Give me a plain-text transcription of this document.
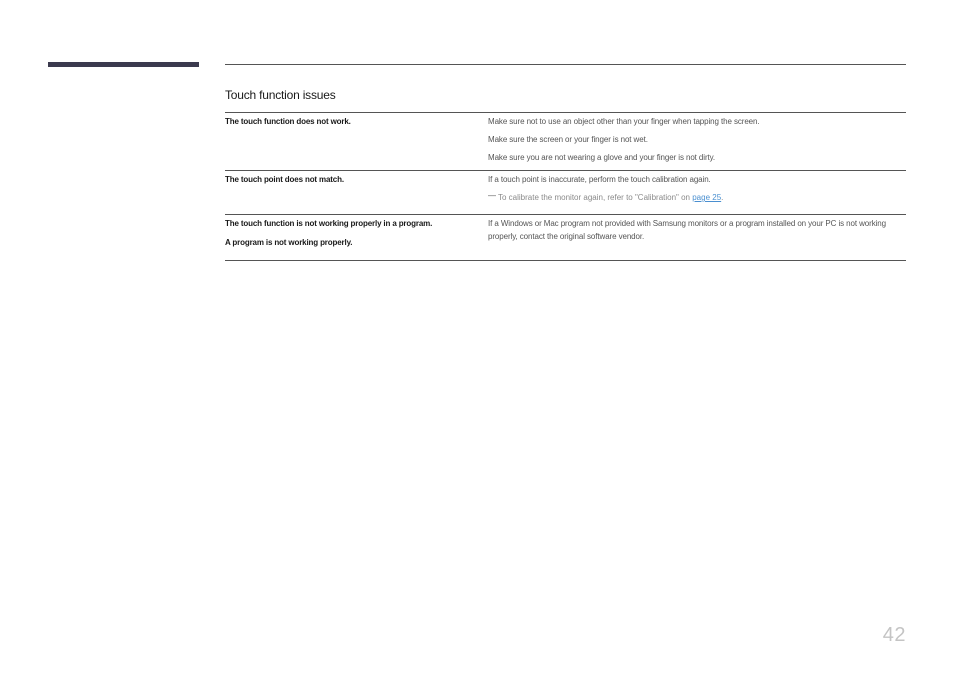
Touch function issues

The touch function does not work.	Make sure not to use an object other than your finger when tapping the screen.

Make sure the screen or your finger is not wet.

Make sure you are not wearing a glove and your finger is not dirty.

The touch point does not match.	If a touch point is inaccurate, perform the touch calibration again.

— To calibrate the monitor again, refer to "Calibration" on page 25.

The touch function is not working properly in a program.

A program is not working properly.

If a Windows or Mac program not provided with Samsung monitors or a program installed on your PC is not working properly, contact the original software vendor.

42
